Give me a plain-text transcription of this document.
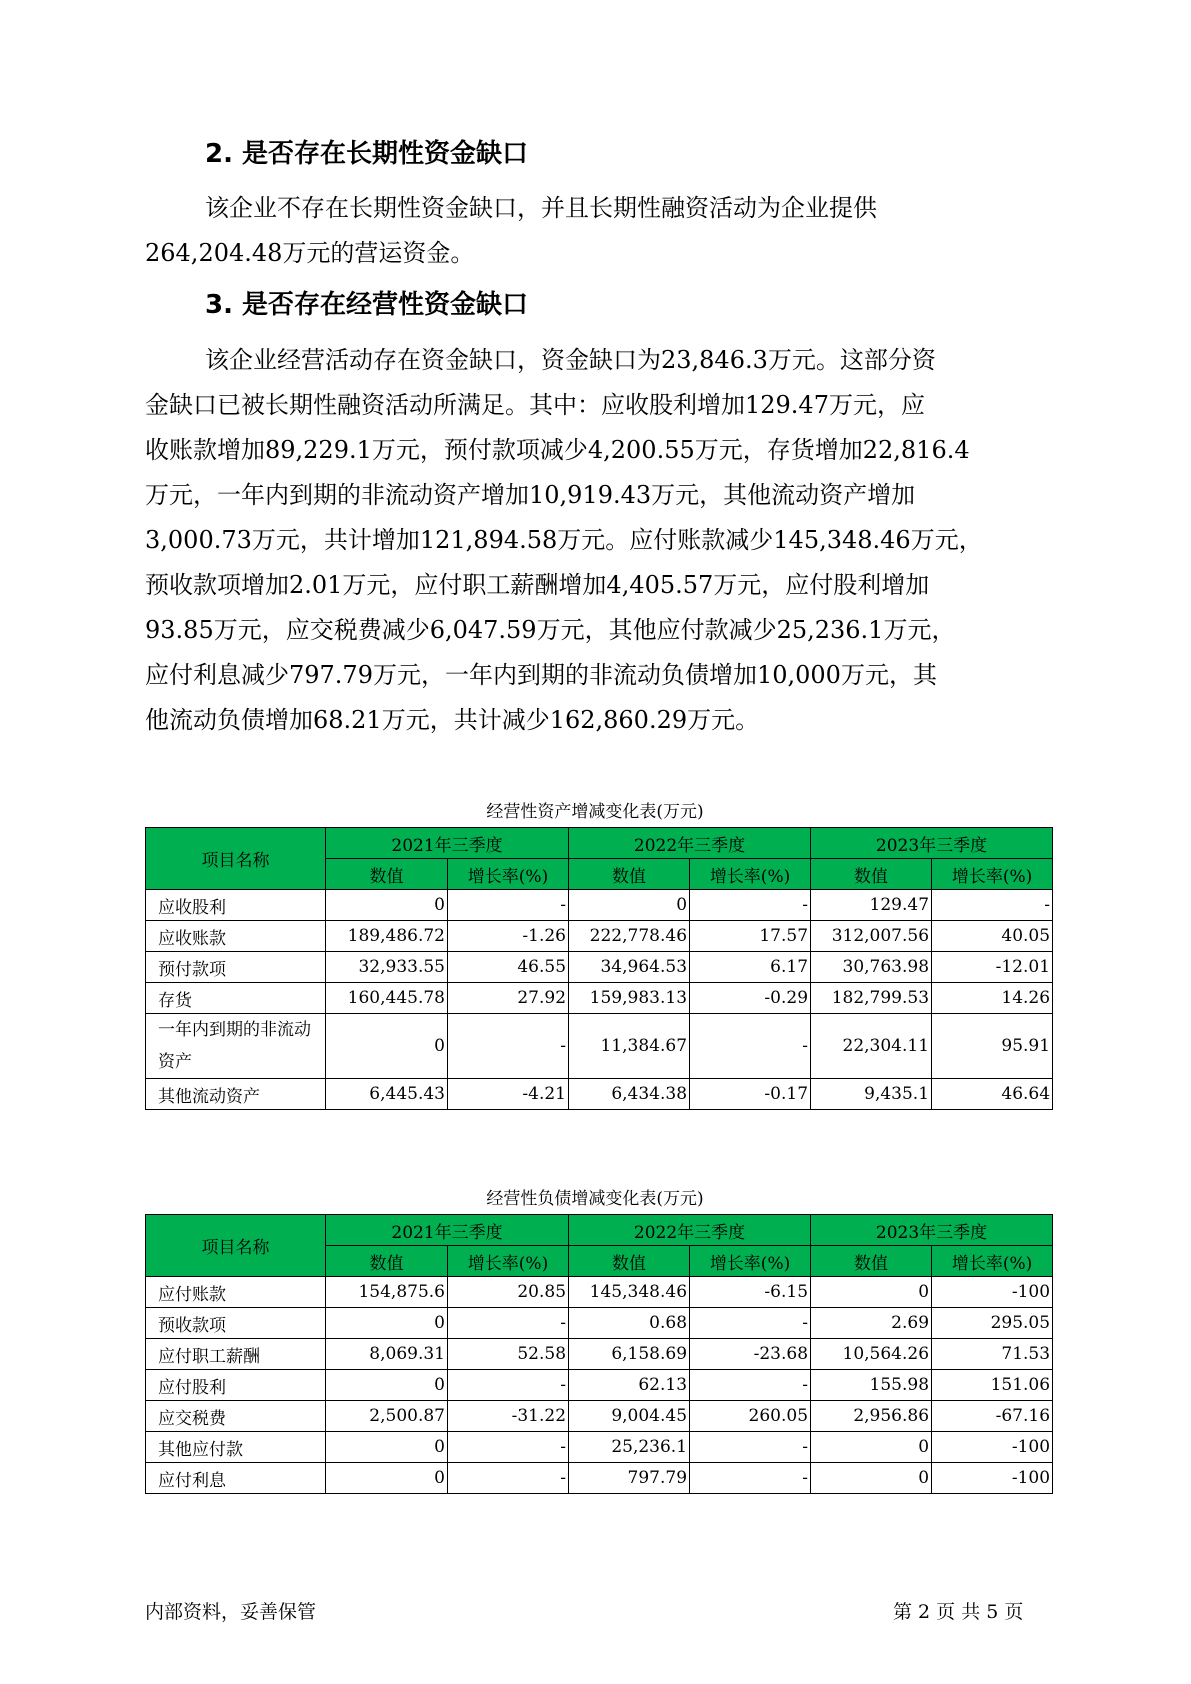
2. 是否存在长期性资金缺口

该企业不存在长期性资金缺口，并且长期性融资活动为企业提供
264,204.48万元的营运资金。

3. 是否存在经营性资金缺口

该企业经营活动存在资金缺口，资金缺口为23,846.3万元。这部分资
金缺口已被长期性融资活动所满足。其中：应收股利增加129.47万元，应
收账款增加89,229.1万元，预付款项减少4,200.55万元，存货增加22,816.4
万元，一年内到期的非流动资产增加10,919.43万元，其他流动资产增加
3,000.73万元，共计增加121,894.58万元。应付账款减少145,348.46万元，
预收款项增加2.01万元，应付职工薪酬增加4,405.57万元，应付股利增加
93.85万元，应交税费减少6,047.59万元，其他应付款减少25,236.1万元，
应付利息减少797.79万元，一年内到期的非流动负债增加10,000万元，其
他流动负债增加68.21万元，共计减少162,860.29万元。

经营性资产增减变化表(万元)

项目名称	2021年三季度		2022年三季度		2023年三季度	
	数值	增长率(%)	数值	增长率(%)	数值	增长率(%)
应收股利	0	-	0	-	129.47	-
应收账款	189,486.72	-1.26	222,778.46	17.57	312,007.56	40.05
预付款项	32,933.55	46.55	34,964.53	6.17	30,763.98	-12.01
存货	160,445.78	27.92	159,983.13	-0.29	182,799.53	14.26
一年内到期的非流动资产	0	-	11,384.67	-	22,304.11	95.91
其他流动资产	6,445.43	-4.21	6,434.38	-0.17	9,435.1	46.64

经营性负债增减变化表(万元)

项目名称	2021年三季度		2022年三季度		2023年三季度	
	数值	增长率(%)	数值	增长率(%)	数值	增长率(%)
应付账款	154,875.6	20.85	145,348.46	-6.15	0	-100
预收款项	0	-	0.68	-	2.69	295.05
应付职工薪酬	8,069.31	52.58	6,158.69	-23.68	10,564.26	71.53
应付股利	0	-	62.13	-	155.98	151.06
应交税费	2,500.87	-31.22	9,004.45	260.05	2,956.86	-67.16
其他应付款	0	-	25,236.1	-	0	-100
应付利息	0	-	797.79	-	0	-100
内部资料，妥善保管	第 2 页 共 5 页
